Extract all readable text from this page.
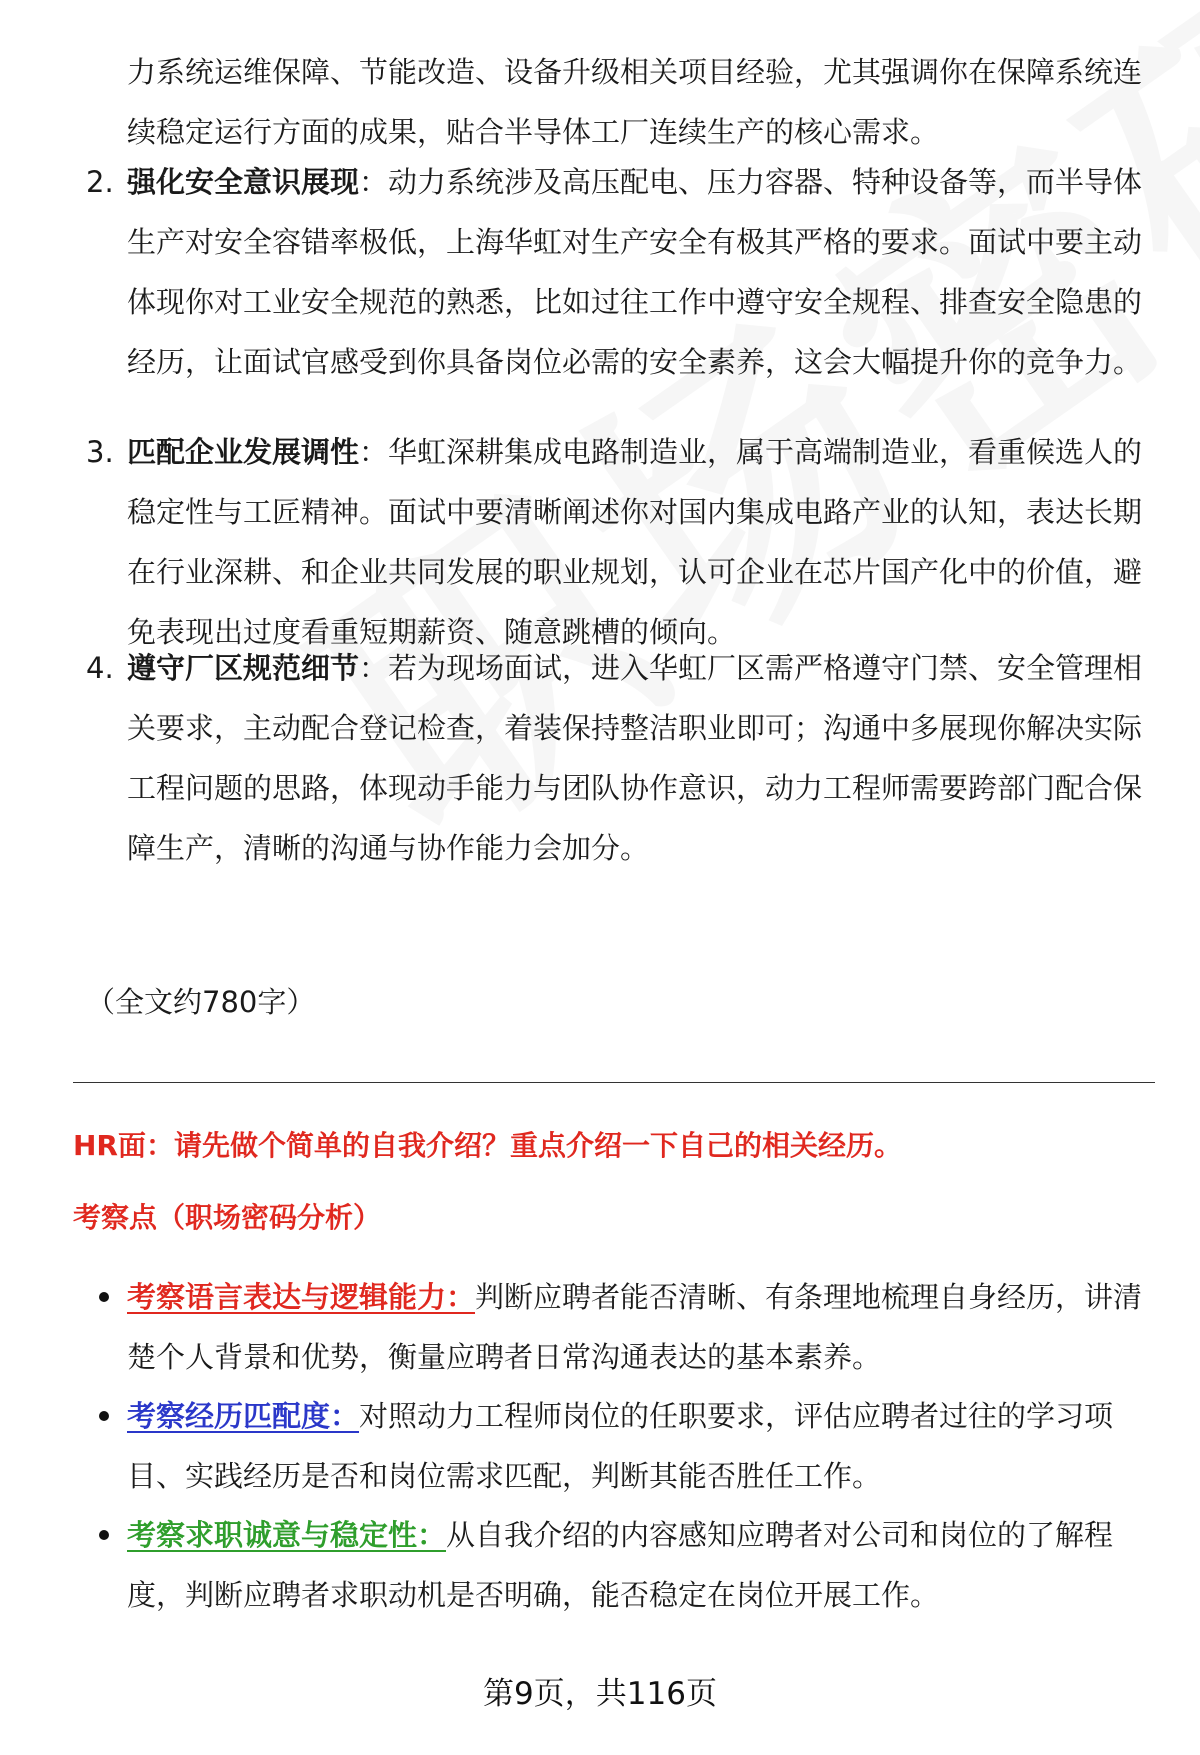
力系统运维保障、节能改造、设备升级相关项目经验，尤其强调你在保障系统连续稳定运行方面的成果，贴合半导体工厂连续生产的核心需求。

2. 强化安全意识展现：动力系统涉及高压配电、压力容器、特种设备等，而半导体生产对安全容错率极低，上海华虹对生产安全有极其严格的要求。面试中要主动体现你对工业安全规范的熟悉，比如过往工作中遵守安全规程、排查安全隐患的经历，让面试官感受到你具备岗位必需的安全素养，这会大幅提升你的竞争力。

3. 匹配企业发展调性：华虹深耕集成电路制造业，属于高端制造业，看重候选人的稳定性与工匠精神。面试中要清晰阐述你对国内集成电路产业的认知，表达长期在行业深耕、和企业共同发展的职业规划，认可企业在芯片国产化中的价值，避免表现出过度看重短期薪资、随意跳槽的倾向。

4. 遵守厂区规范细节：若为现场面试，进入华虹厂区需严格遵守门禁、安全管理相关要求，主动配合登记检查，着装保持整洁职业即可；沟通中多展现你解决实际工程问题的思路，体现动手能力与团队协作意识，动力工程师需要跨部门配合保障生产，清晰的沟通与协作能力会加分。

（全文约780字）
HR面：请先做个简单的自我介绍？重点介绍一下自己的相关经历。
考察点（职场密码分析）
考察语言表达与逻辑能力：判断应聘者能否清晰、有条理地梳理自身经历，讲清楚个人背景和优势，衡量应聘者日常沟通表达的基本素养。
考察经历匹配度：对照动力工程师岗位的任职要求，评估应聘者过往的学习项目、实践经历是否和岗位需求匹配，判断其能否胜任工作。
考察求职诚意与稳定性：从自我介绍的内容感知应聘者对公司和岗位的了解程度，判断应聘者求职动机是否明确，能否稳定在岗位开展工作。
第9页，共116页
